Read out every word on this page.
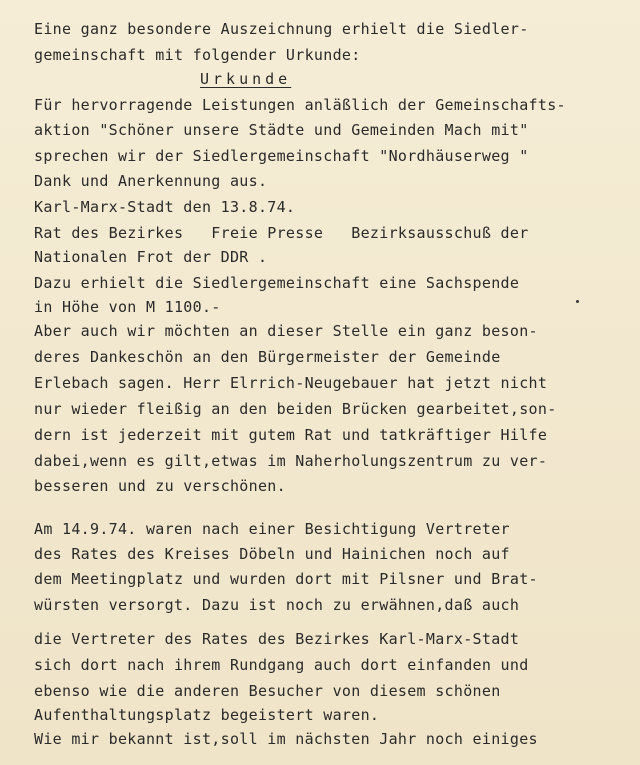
Eine ganz besondere Auszeichnung erhielt die Siedler-

gemeinschaft mit folgender Urkunde:

Urkunde

Für hervorragende Leistungen anläßlich der Gemeinschafts-

aktion "Schöner unsere Städte und Gemeinden Mach mit"

sprechen wir der Siedlergemeinschaft "Nordhäuserweg "

Dank und Anerkennung aus.

Karl-Marx-Stadt den 13.8.74.

Rat des Bezirkes   Freie Presse   Bezirksausschuß der

Nationalen Frot der DDR .

Dazu erhielt die Siedlergemeinschaft eine Sachspende

in Höhe von M 1100.-

Aber auch wir möchten an dieser Stelle ein ganz beson-

deres Dankeschön an den Bürgermeister der Gemeinde

Erlebach sagen. Herr Elrrich-Neugebauer hat jetzt nicht

nur wieder fleißig an den beiden Brücken gearbeitet,son-

dern ist jederzeit mit gutem Rat und tatkräftiger Hilfe

dabei,wenn es gilt,etwas im Naherholungszentrum zu ver-

besseren und zu verschönen.

Am 14.9.74. waren nach einer Besichtigung Vertreter

des Rates des Kreises Döbeln und Hainichen noch auf

dem Meetingplatz und wurden dort mit Pilsner und Brat-

würsten versorgt. Dazu ist noch zu erwähnen,daß auch

die Vertreter des Rates des Bezirkes Karl-Marx-Stadt

sich dort nach ihrem Rundgang auch dort einfanden und

ebenso wie die anderen Besucher von diesem schönen

Aufenthaltungsplatz begeistert waren.

Wie mir bekannt ist,soll im nächsten Jahr noch einiges
